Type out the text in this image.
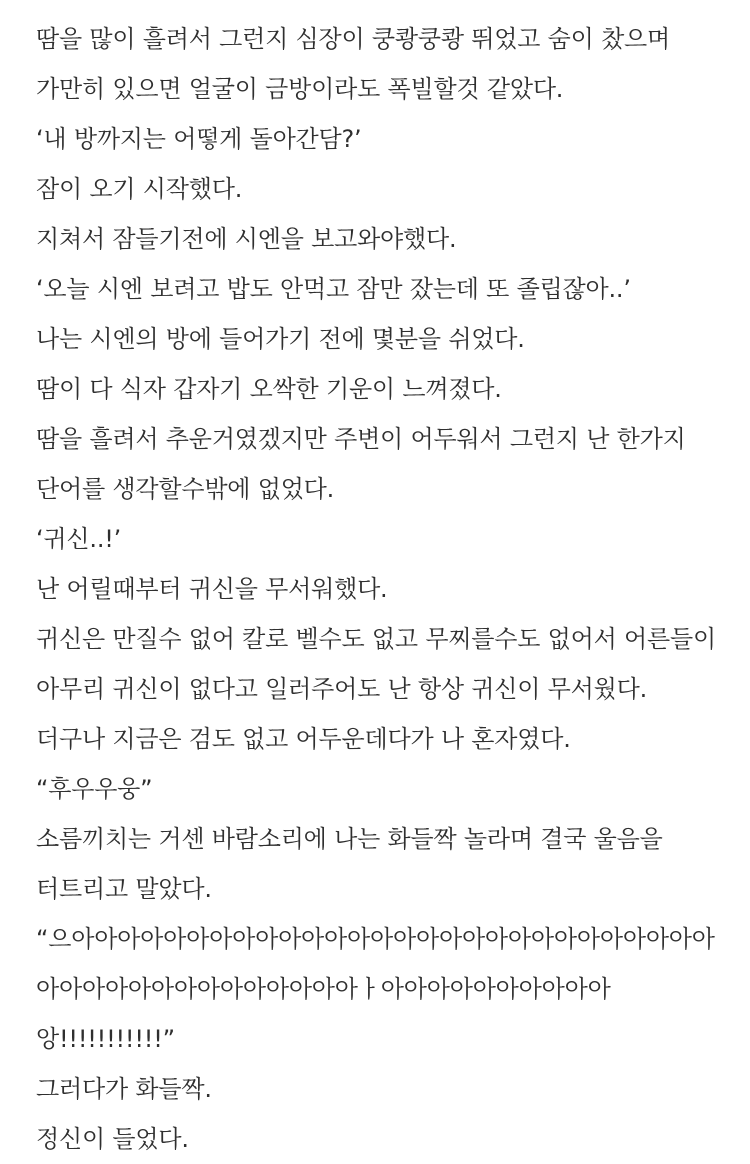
땀을 많이 흘려서 그런지 심장이 쿵쾅쿵쾅 뛰었고 숨이 찼으며 가만히 있으면 얼굴이 금방이라도 폭빌할것 같았다.

‘내 방까지는 어떻게 돌아간담?’

잠이 오기 시작했다.

지쳐서 잠들기전에 시엔을 보고와야했다.

‘오늘 시엔 보려고 밥도 안먹고 잠만 잤는데 또 졸립잖아..’

나는 시엔의 방에 들어가기 전에 몇분을 쉬었다.

땀이 다 식자 갑자기 오싹한 기운이 느껴졌다.

땀을 흘려서 추운거였겠지만 주변이 어두워서 그런지 난 한가지 단어를 생각할수밖에 없었다.

‘귀신..!’

난 어릴때부터 귀신을 무서워했다.

귀신은 만질수 없어 칼로 벨수도 없고 무찌를수도 없어서 어른들이 아무리 귀신이 없다고 일러주어도 난 항상 귀신이 무서웠다.

더구나 지금은 검도 없고 어두운데다가 나 혼자였다.

“후우우웅”

소름끼치는 거센 바람소리에 나는 화들짝 놀라며 결국 울음을 터트리고 말았다.

“으아아아아아아아아아아아아아아아아아아아아아아아아아아아아아아아아아아아아아아아아아아ㅏ아아아아아아아아아아앙!!!!!!!!!!!”

그러다가 화들짝.

정신이 들었다.
